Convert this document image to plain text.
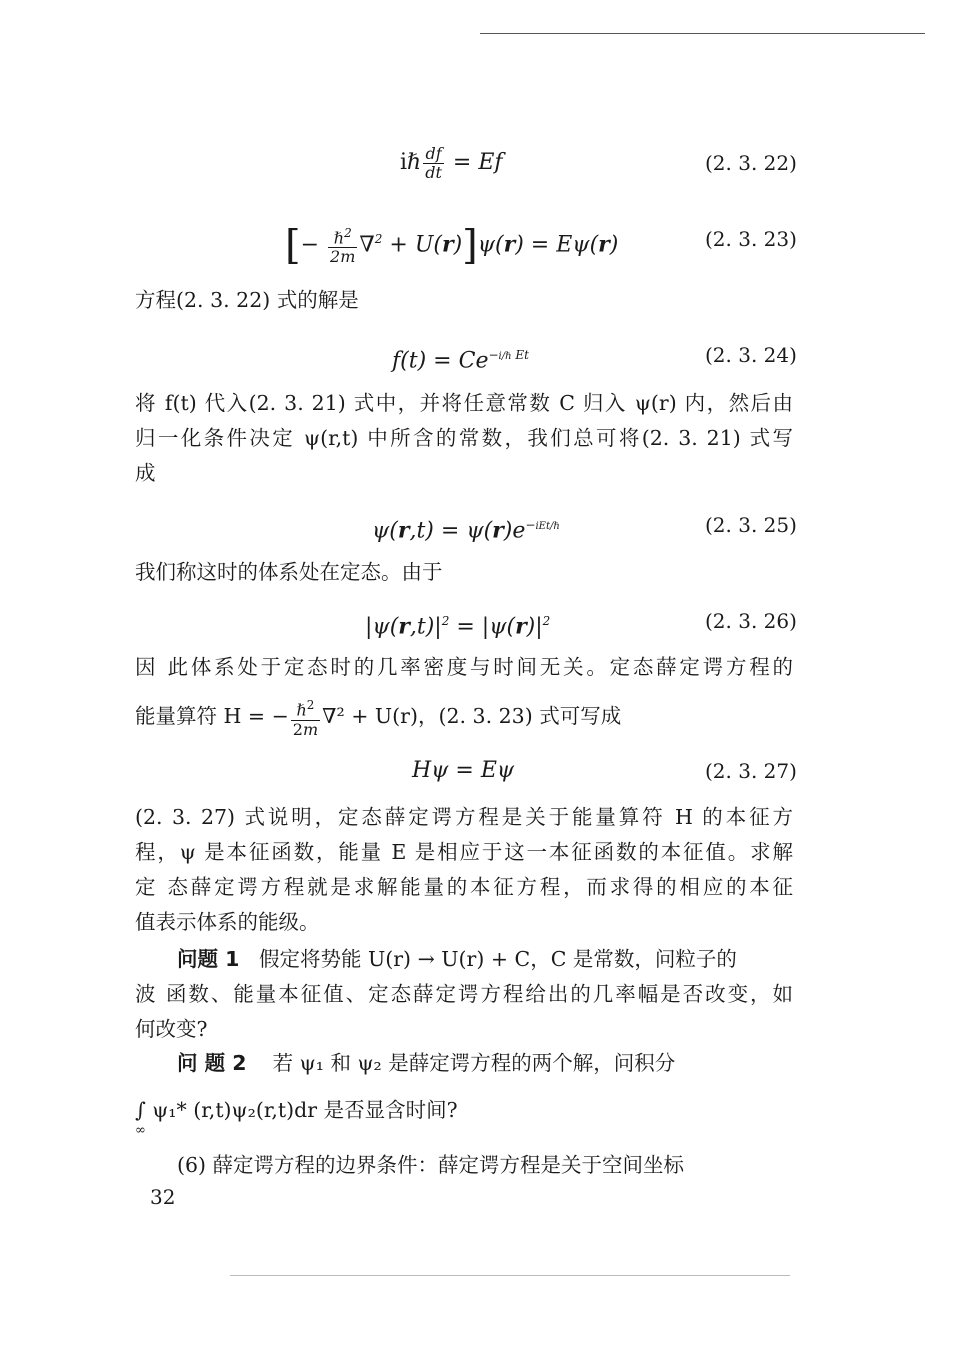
iℏ $\frac{df}{dt} = Ef$	(2. 3. 22)
[− $\frac{\hbar^2}{2m} \nabla^2 + U(r)]\psi(r) = E\psi(r)$	(2. 3. 23)
方程(2. 3. 22) 式的解是
$f(t) = Ce^{-i/\hbar Et}$	(2. 3. 24)
将 f(t) 代入(2. 3. 21) 式中，并将任意常数 C 归入 ψ(r) 内，然后由
归一化条件决定 ψ(r,t) 中所含的常数，我们总可将(2. 3. 21) 式写
成
$\psi(r,t) = \psi(r)e^{-iEt/\hbar}$	(2. 3. 25)
我们称这时的体系处在定态。由于
$|\psi(r,t)|^2 = |\psi(r)|^2$	(2. 3. 26)
因 此体系处于定态时的几率密度与时间无关。定态薛定谔方程的
能量算符 H = − $\frac{\hbar^2}{2m} \nabla^2 + U(r)$，(2. 3. 23) 式可写成
Hψ = Eψ	(2. 3. 27)
(2. 3. 27) 式说明，定态薛定谔方程是关于能量算符 H 的本征方
程，ψ 是本征函数，能量 E 是相应于这一本征函数的本征值。求解
定 态薛定谔方程就是求解能量的本征方程，而求得的相应的本征
值表示体系的能级。
问题 1 假定将势能 U(r) → U(r) + C，C 是常数，问粒子的
波 函数、能量本征值、定态薛定谔方程给出的几率幅是否改变，如
何改变?
问 题 2 若 ψ₁ 和 ψ₂ 是薛定谔方程的两个解，问积分
∫ ψ₁* (r,t)ψ₂(r,t)dr 是否显含时间?
∞
(6) 薛定谔方程的边界条件：薛定谔方程是关于空间坐标
32
